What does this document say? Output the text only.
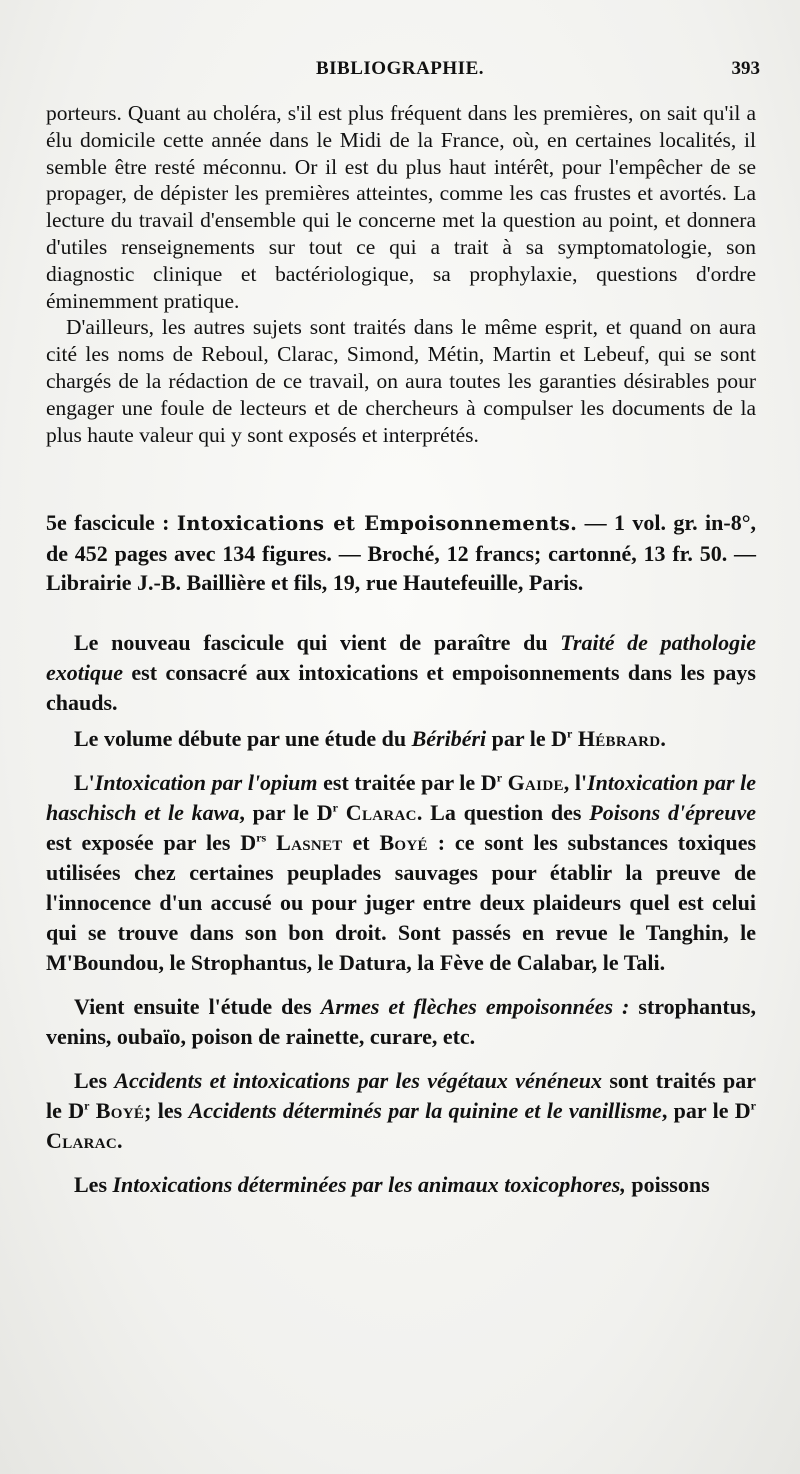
BIBLIOGRAPHIE.	393

porteurs. Quant au choléra, s'il est plus fréquent dans les premières, on sait qu'il a élu domicile cette année dans le Midi de la France, où, en certaines localités, il semble être resté méconnu. Or il est du plus haut intérêt, pour l'empêcher de se propager, de dépister les premières atteintes, comme les cas frustes et avortés. La lecture du travail d'ensemble qui le concerne met la question au point, et donnera d'utiles renseignements sur tout ce qui a trait à sa symptomatologie, son diagnostic clinique et bactériologique, sa prophylaxie, questions d'ordre éminemment pratique.

D'ailleurs, les autres sujets sont traités dans le même esprit, et quand on aura cité les noms de Reboul, Clarac, Simond, Métin, Martin et Lebeuf, qui se sont chargés de la rédaction de ce travail, on aura toutes les garanties désirables pour engager une foule de lecteurs et de chercheurs à compulser les documents de la plus haute valeur qui y sont exposés et interprétés.

5e fascicule : Intoxications et Empoisonnements. — 1 vol. gr. in-8°, de 452 pages avec 134 figures. — Broché, 12 francs; cartonné, 13 fr. 50. — Librairie J.-B. Baillière et fils, 19, rue Hautefeuille, Paris.

Le nouveau fascicule qui vient de paraître du Traité de pathologie exotique est consacré aux intoxications et empoisonnements dans les pays chauds.

Le volume débute par une étude du Béribéri par le $D^r$ Hébrard.

L'Intoxication par l'opium est traitée par le $D^r$ Gaide, l'Intoxication par le haschisch et le kawa, par le $D^r$ Clarac. La question des Poisons d'épreuve est exposée par les $D^{rs}$ Lasnet et Boyé : ce sont les substances toxiques utilisées chez certaines peuplades sauvages pour établir la preuve de l'innocence d'un accusé ou pour juger entre deux plaideurs quel est celui qui se trouve dans son bon droit. Sont passés en revue le Tanghin, le M'Boundou, le Strophantus, le Datura, la Fève de Calabar, le Tali.

Vient ensuite l'étude des Armes et flèches empoisonnées : strophantus, venins, oubaïo, poison de rainette, curare, etc.

Les Accidents et intoxications par les végétaux vénéneux sont traités par le $D^r$ Boyé; les Accidents déterminés par la quinine et le vanillisme, par le $D^r$ Clarac.

Les Intoxications déterminées par les animaux toxicophores, poissons
